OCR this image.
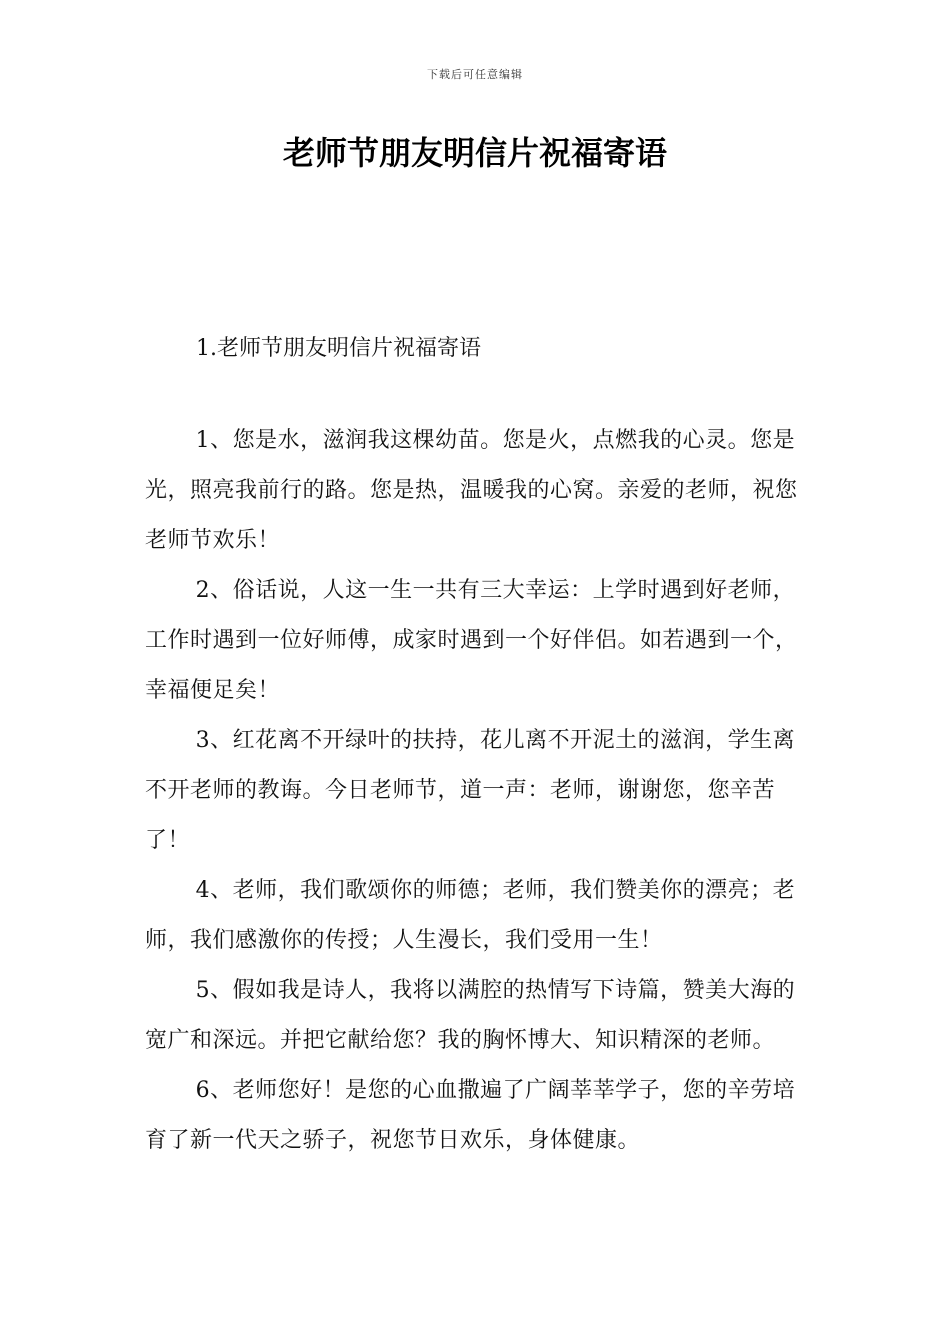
下载后可任意编辑
老师节朋友明信片祝福寄语
1.老师节朋友明信片祝福寄语

1、您是水，滋润我这棵幼苗。您是火，点燃我的心灵。您是光，照亮我前行的路。您是热，温暖我的心窝。亲爱的老师，祝您老师节欢乐！

2、俗话说，人这一生一共有三大幸运：上学时遇到好老师，工作时遇到一位好师傅，成家时遇到一个好伴侣。如若遇到一个，幸福便足矣！

3、红花离不开绿叶的扶持，花儿离不开泥土的滋润，学生离不开老师的教诲。今日老师节，道一声：老师，谢谢您，您辛苦了！

4、老师，我们歌颂你的师德；老师，我们赞美你的漂亮；老师，我们感激你的传授；人生漫长，我们受用一生！

5、假如我是诗人，我将以满腔的热情写下诗篇，赞美大海的宽广和深远。并把它献给您？我的胸怀博大、知识精深的老师。

6、老师您好！是您的心血撒遍了广阔莘莘学子，您的辛劳培育了新一代天之骄子，祝您节日欢乐，身体健康。
